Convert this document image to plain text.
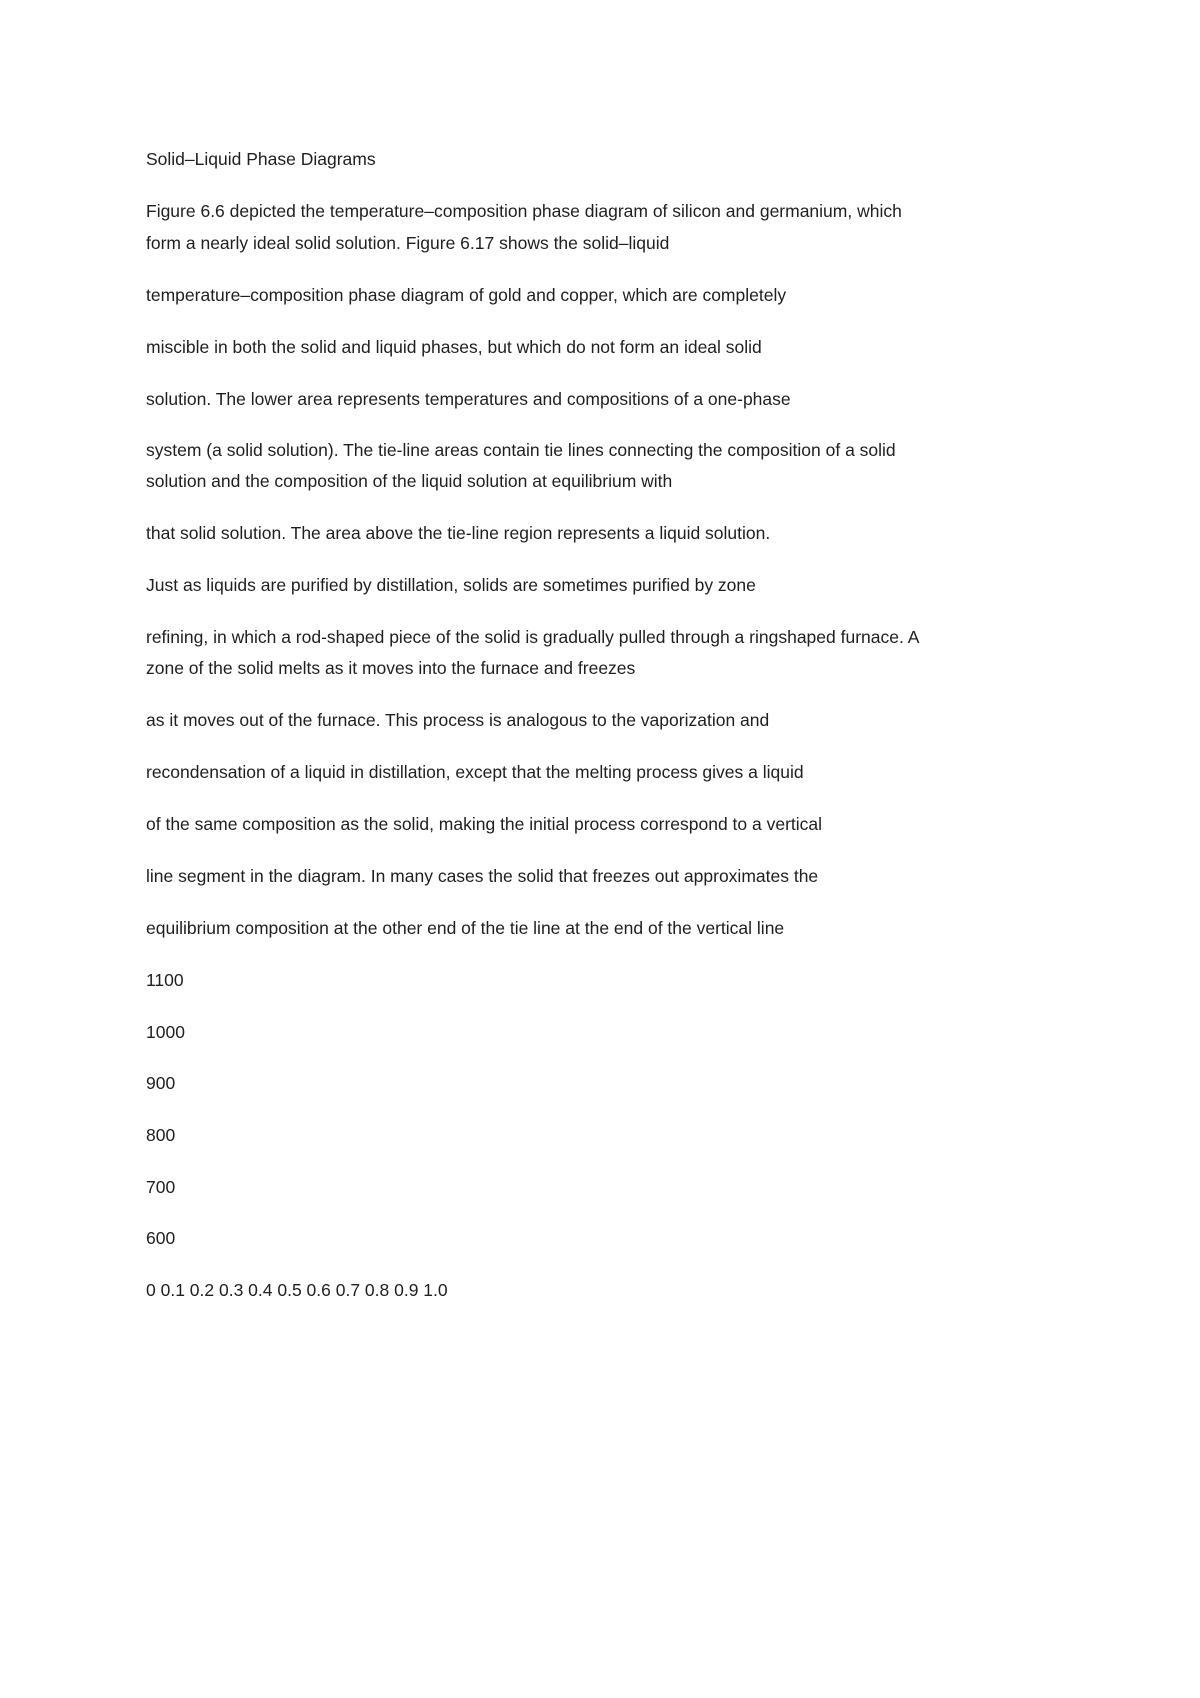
Solid–Liquid Phase Diagrams

Figure 6.6 depicted the temperature–composition phase diagram of silicon and germanium, which

form a nearly ideal solid solution. Figure 6.17 shows the solid–liquid

temperature–composition phase diagram of gold and copper, which are completely

miscible in both the solid and liquid phases, but which do not form an ideal solid

solution. The lower area represents temperatures and compositions of a one-phase

system (a solid solution). The tie-line areas contain tie lines connecting the composition of a solid

solution and the composition of the liquid solution at equilibrium with

that solid solution. The area above the tie-line region represents a liquid solution.

Just as liquids are purified by distillation, solids are sometimes purified by zone

refining, in which a rod-shaped piece of the solid is gradually pulled through a ringshaped furnace. A

zone of the solid melts as it moves into the furnace and freezes

as it moves out of the furnace. This process is analogous to the vaporization and

recondensation of a liquid in distillation, except that the melting process gives a liquid

of the same composition as the solid, making the initial process correspond to a vertical

line segment in the diagram. In many cases the solid that freezes out approximates the

equilibrium composition at the other end of the tie line at the end of the vertical line

1100

1000

900

800

700

600

0 0.1 0.2 0.3 0.4 0.5 0.6 0.7 0.8 0.9 1.0
